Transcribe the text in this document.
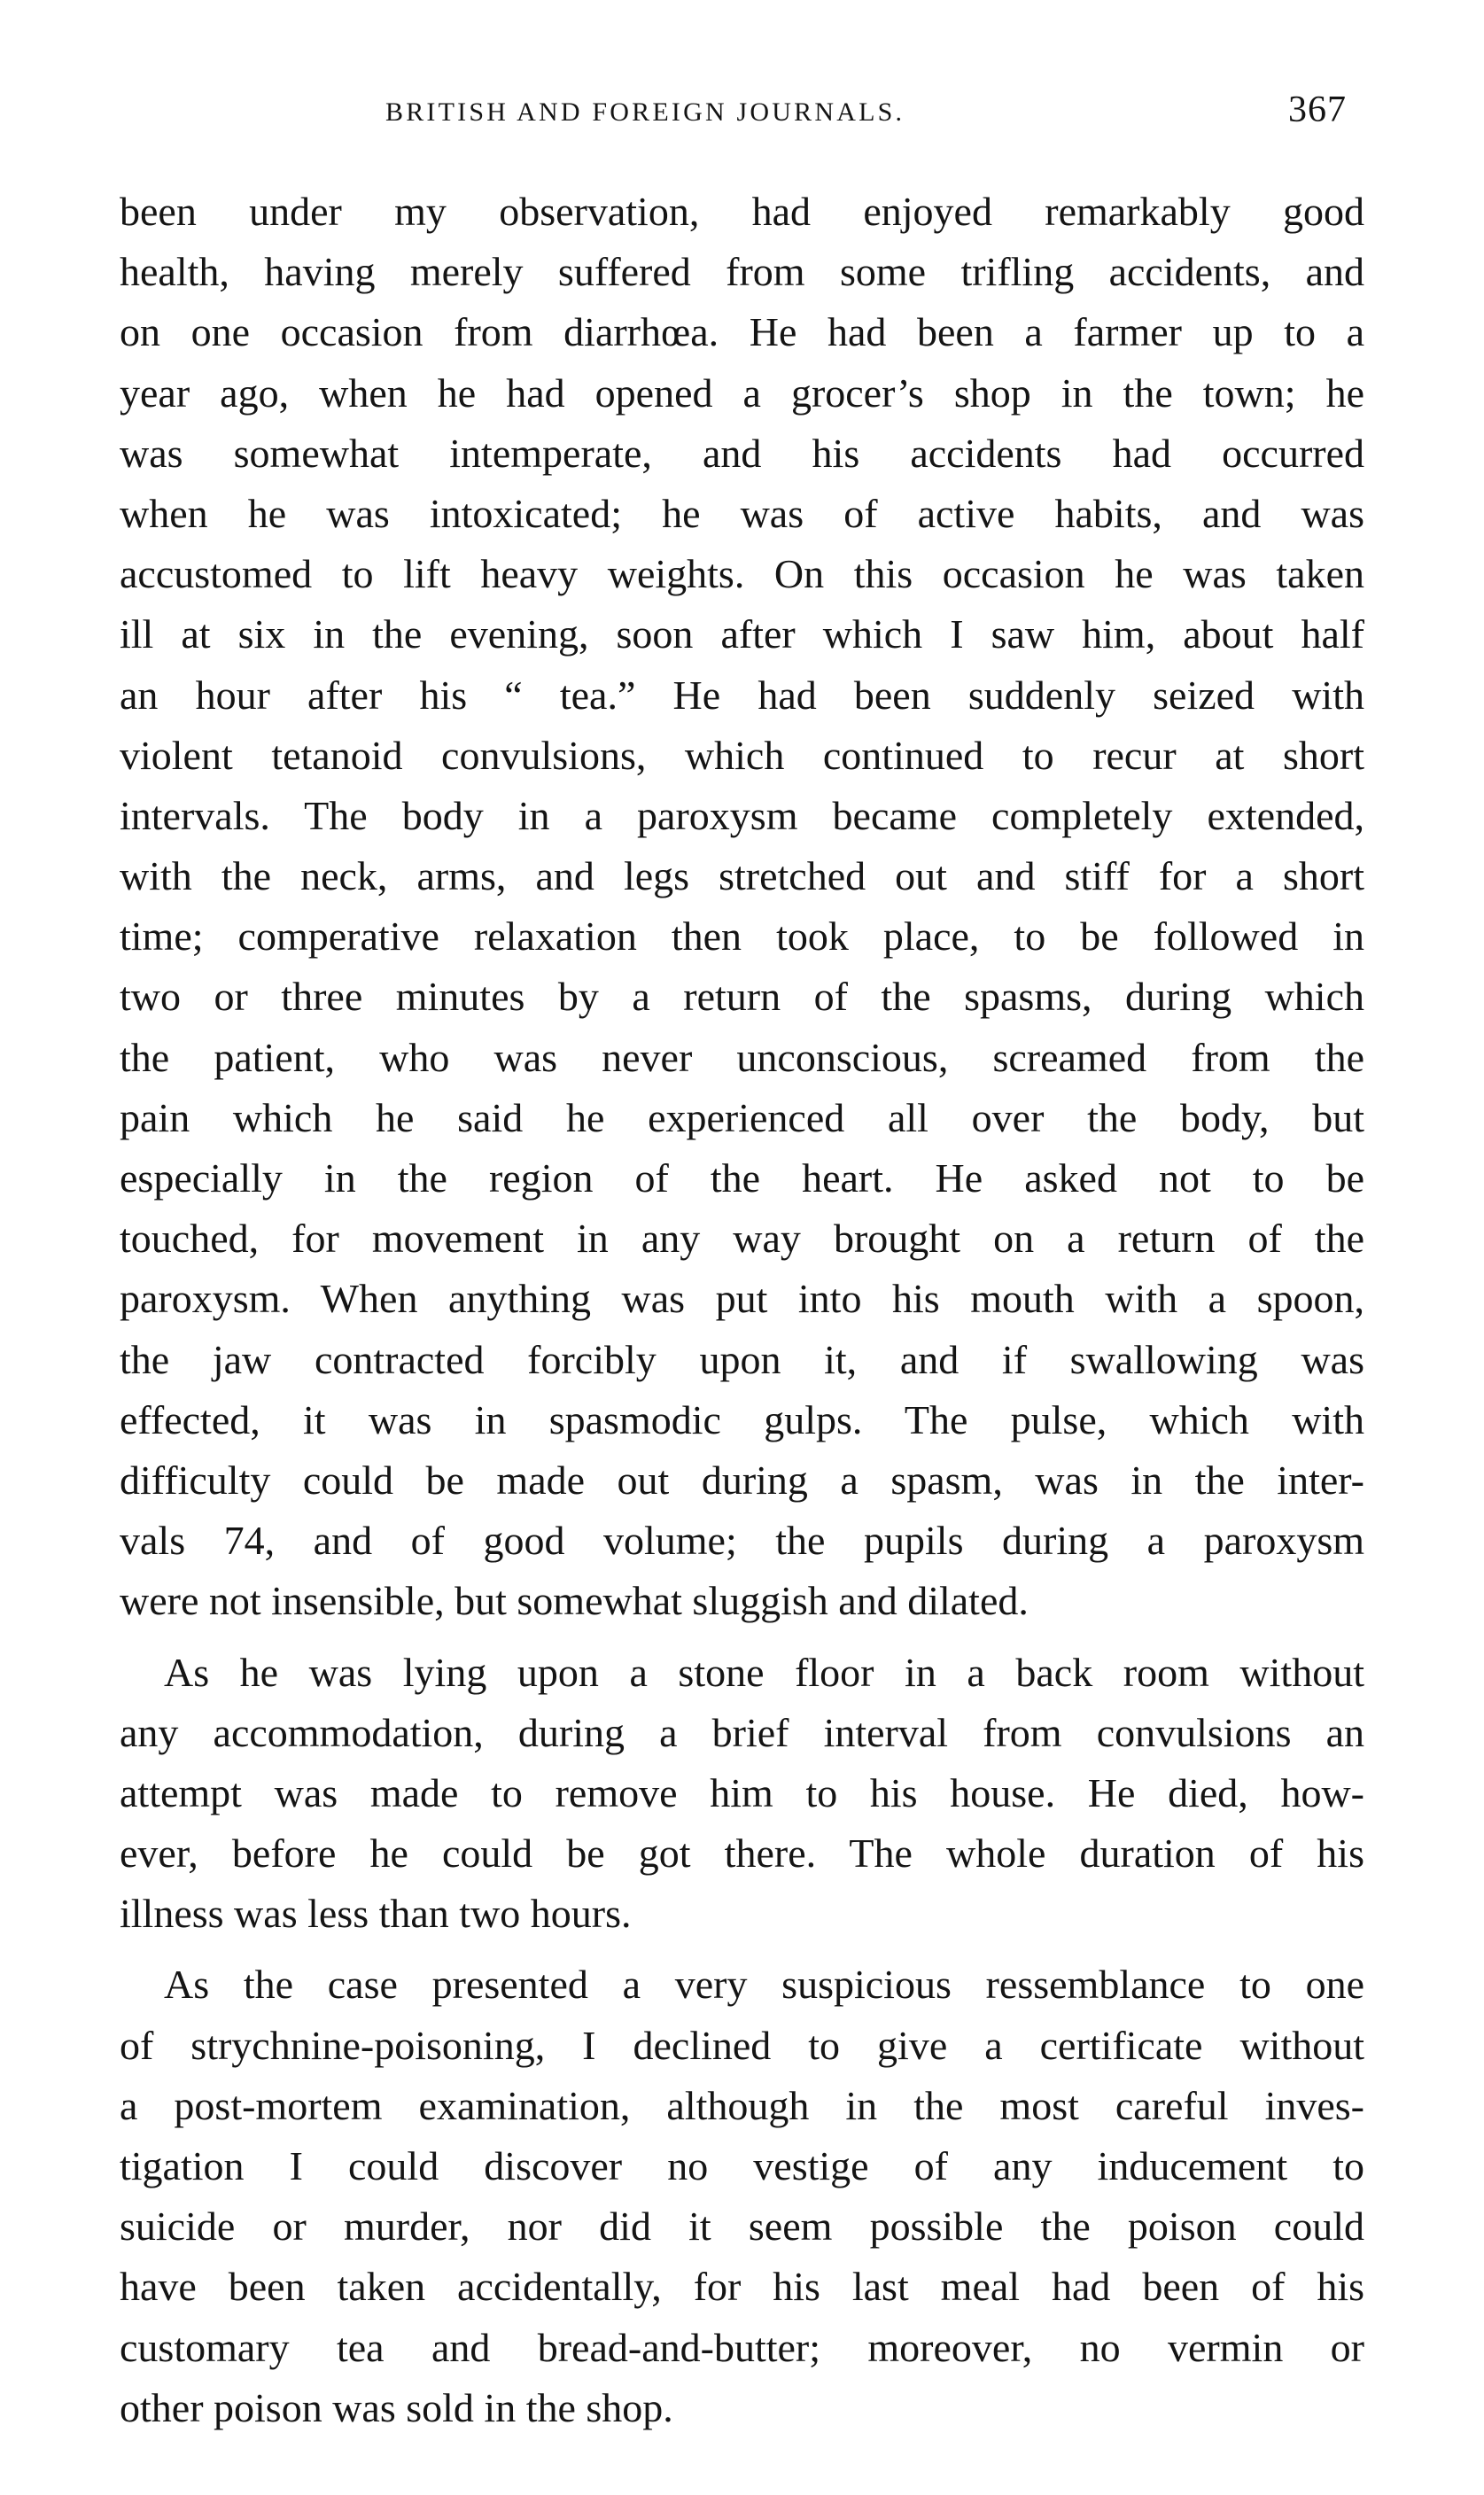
BRITISH AND FOREIGN JOURNALS.	367
been under my observation, had enjoyed remarkably good
health, having merely suffered from some trifling accidents, and
on one occasion from diarrhœa. He had been a farmer up to a
year ago, when he had opened a grocer’s shop in the town; he
was somewhat intemperate, and his accidents had occurred
when he was intoxicated; he was of active habits, and was
accustomed to lift heavy weights. On this occasion he was taken
ill at six in the evening, soon after which I saw him, about half
an hour after his “ tea.” He had been suddenly seized with
violent tetanoid convulsions, which continued to recur at short
intervals. The body in a paroxysm became completely extended,
with the neck, arms, and legs stretched out and stiff for a short
time; comperative relaxation then took place, to be followed in
two or three minutes by a return of the spasms, during which
the patient, who was never unconscious, screamed from the
pain which he said he experienced all over the body, but
especially in the region of the heart. He asked not to be
touched, for movement in any way brought on a return of the
paroxysm. When anything was put into his mouth with a spoon,
the jaw contracted forcibly upon it, and if swallowing was
effected, it was in spasmodic gulps. The pulse, which with
difficulty could be made out during a spasm, was in the inter-
vals 74, and of good volume; the pupils during a paroxysm
were not insensible, but somewhat sluggish and dilated.
As he was lying upon a stone floor in a back room without
any accommodation, during a brief interval from convulsions an
attempt was made to remove him to his house. He died, how-
ever, before he could be got there. The whole duration of his
illness was less than two hours.
As the case presented a very suspicious ressemblance to one
of strychnine-poisoning, I declined to give a certificate without
a post-mortem examination, although in the most careful inves-
tigation I could discover no vestige of any inducement to
suicide or murder, nor did it seem possible the poison could
have been taken accidentally, for his last meal had been of his
customary tea and bread-and-butter; moreover, no vermin or
other poison was sold in the shop.
